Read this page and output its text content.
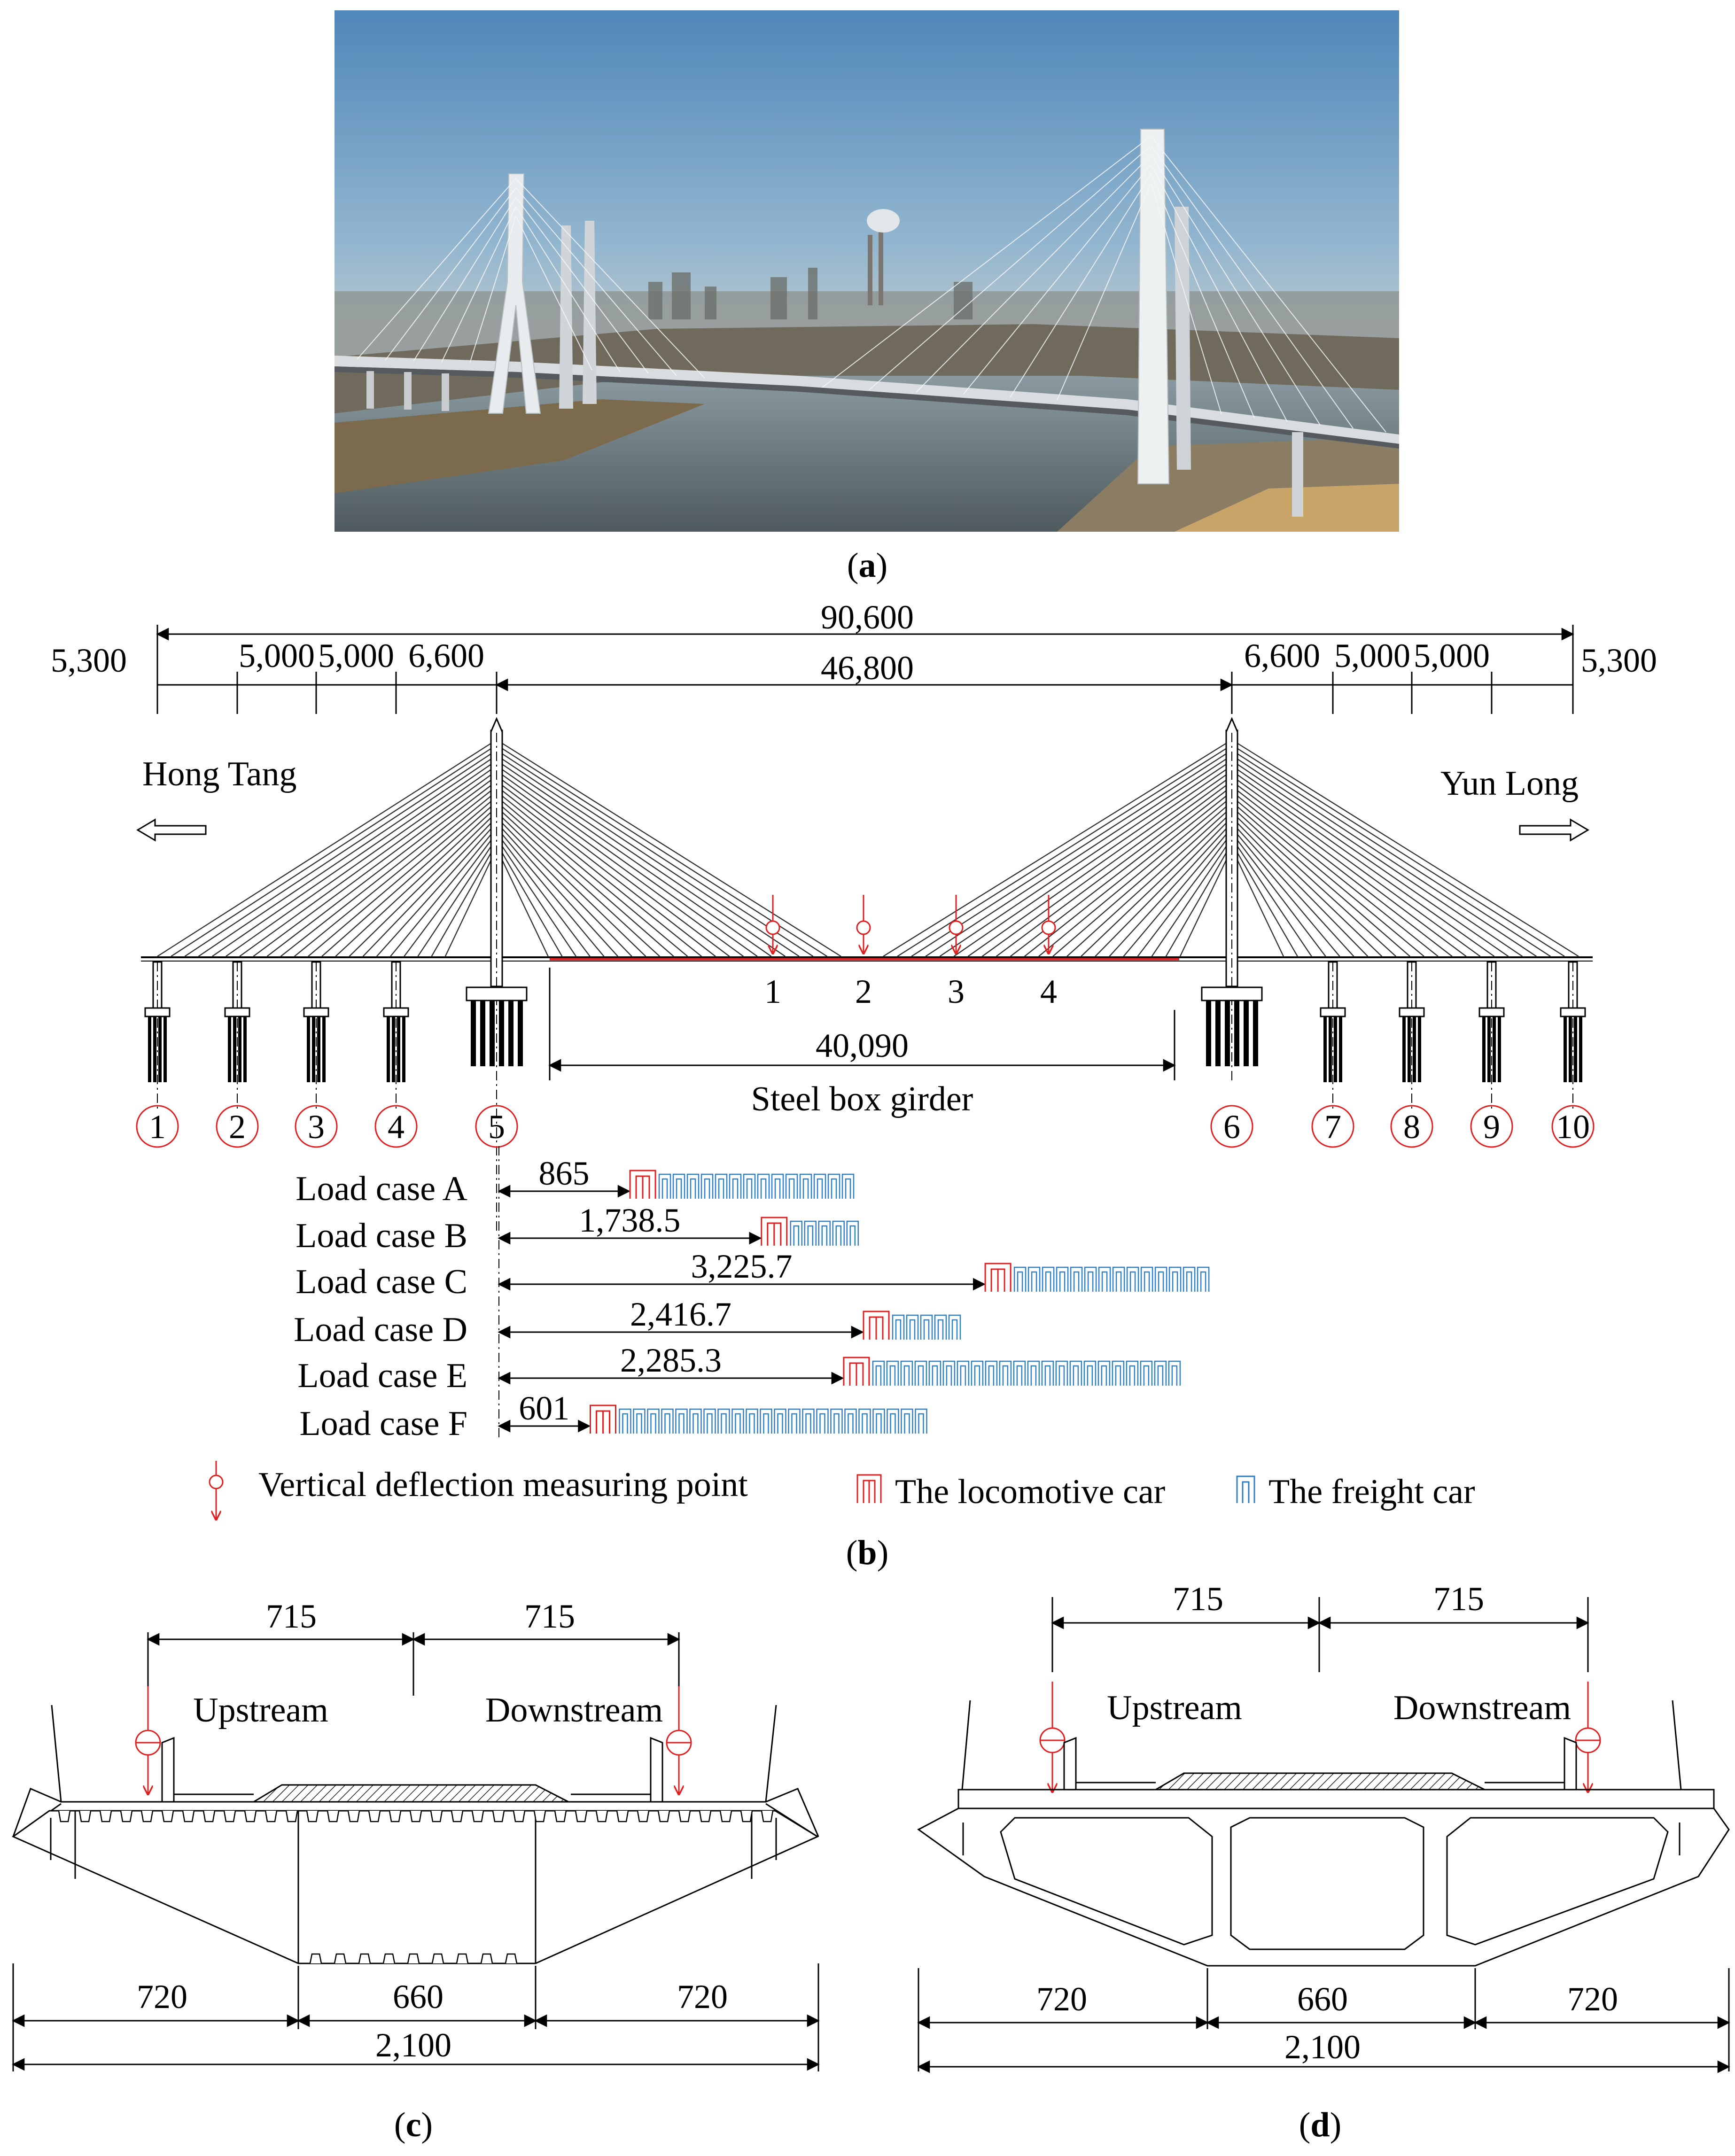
(a)
90,600
46,800
5,300	5,000 5,000 6,600	6,600 5,000 5,000	5,300
Hong Tang	Yun Long
1 2 3 4 5	6 7 8 9 10
1 2 3 4
40,090
Steel box girder
Load case A 865
Load case B	1,738.5
Load case C	3,225.7
Load case D	2,416.7
Load case E	2,285.3
Load case F 601
Vertical deflection measuring point	The locomotive car	The freight car
(b)
715	715
Upstream	Downstream
720	660	720
2,100
(c)
715	715
Upstream	Downstream
720	660	720
2,100
(d)
